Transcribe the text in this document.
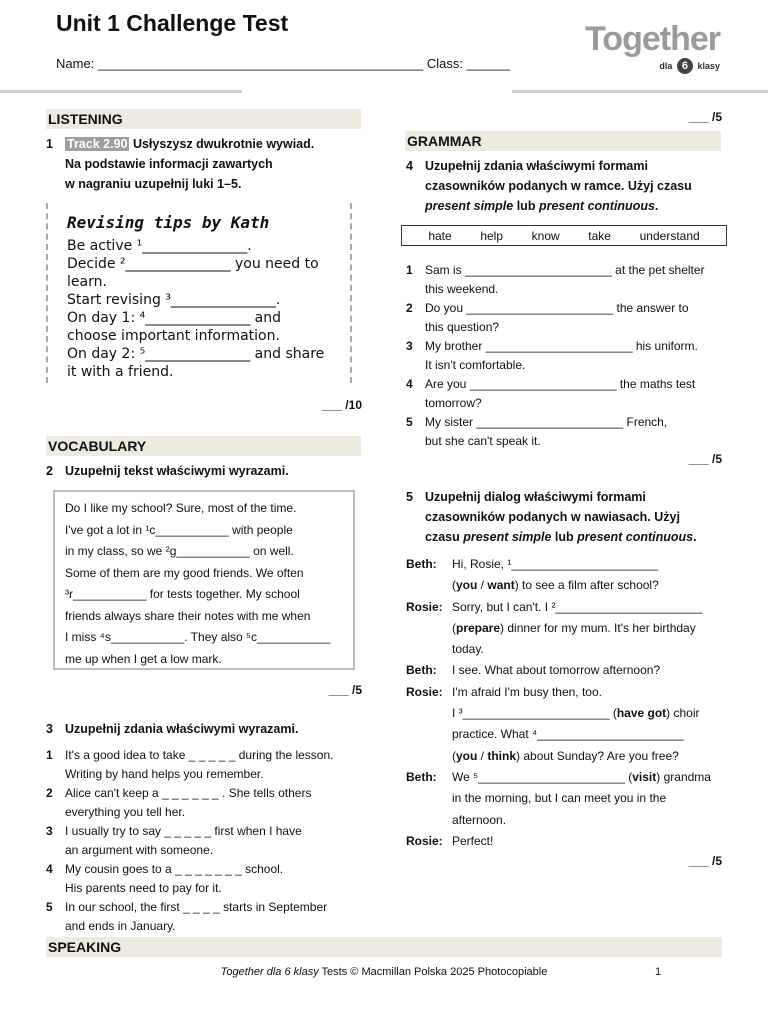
Unit 1 Challenge Test
Name: _____________________________________________ Class: ______
Together
dla 6 klasy
LISTENING
1 Track 2.90 Usłyszysz dwukrotnie wywiad.
Na podstawie informacji zawartych
w nagraniu uzupełnij luki 1–5.
Revising tips by Kath
Be active ¹_______________.
Decide ²_______________ you need to
learn.
Start revising ³_______________.
On day 1: ⁴_______________ and
choose important information.
On day 2: ⁵_______________ and share
it with a friend.
___ /10
VOCABULARY
2 Uzupełnij tekst właściwymi wyrazami.
Do I like my school? Sure, most of the time.
I've got a lot in ¹c___________ with people
in my class, so we ²g___________ on well.
Some of them are my good friends. We often
³r___________ for tests together. My school
friends always share their notes with me when
I miss ⁴s___________. They also ⁵c___________
me up when I get a low mark.
___ /5
3 Uzupełnij zdania właściwymi wyrazami.
1 It's a good idea to take _ _ _ _ _ during the lesson.
Writing by hand helps you remember.
2 Alice can't keep a _ _ _ _ _ _ . She tells others
everything you tell her.
3 I usually try to say _ _ _ _ _ first when I have
an argument with someone.
4 My cousin goes to a _ _ _ _ _ _ _ school.
His parents need to pay for it.
5 In our school, the first _ _ _ _ starts in September
and ends in January.
___ /5
GRAMMAR
4 Uzupełnij zdania właściwymi formami
czasowników podanych w ramce. Użyj czasu
present simple lub present continuous.
hate help know take understand
1 Sam is ______________________ at the pet shelter
this weekend.
2 Do you ______________________ the answer to
this question?
3 My brother ______________________ his uniform.
It isn't comfortable.
4 Are you ______________________ the maths test
tomorrow?
5 My sister ______________________ French,
but she can't speak it.
___ /5
5 Uzupełnij dialog właściwymi formami
czasowników podanych w nawiasach. Użyj
czasu present simple lub present continuous.
Beth: Hi, Rosie, ¹______________________
(you / want) to see a film after school?
Rosie: Sorry, but I can't. I ²______________________
(prepare) dinner for my mum. It's her birthday
today.
Beth: I see. What about tomorrow afternoon?
Rosie: I'm afraid I'm busy then, too.
I ³______________________ (have got) choir
practice. What ⁴______________________
(you / think) about Sunday? Are you free?
Beth: We ⁵______________________ (visit) grandma
in the morning, but I can meet you in the
afternoon.
Rosie: Perfect!
___ /5
SPEAKING
Together dla 6 klasy Tests © Macmillan Polska 2025 Photocopiable	1
